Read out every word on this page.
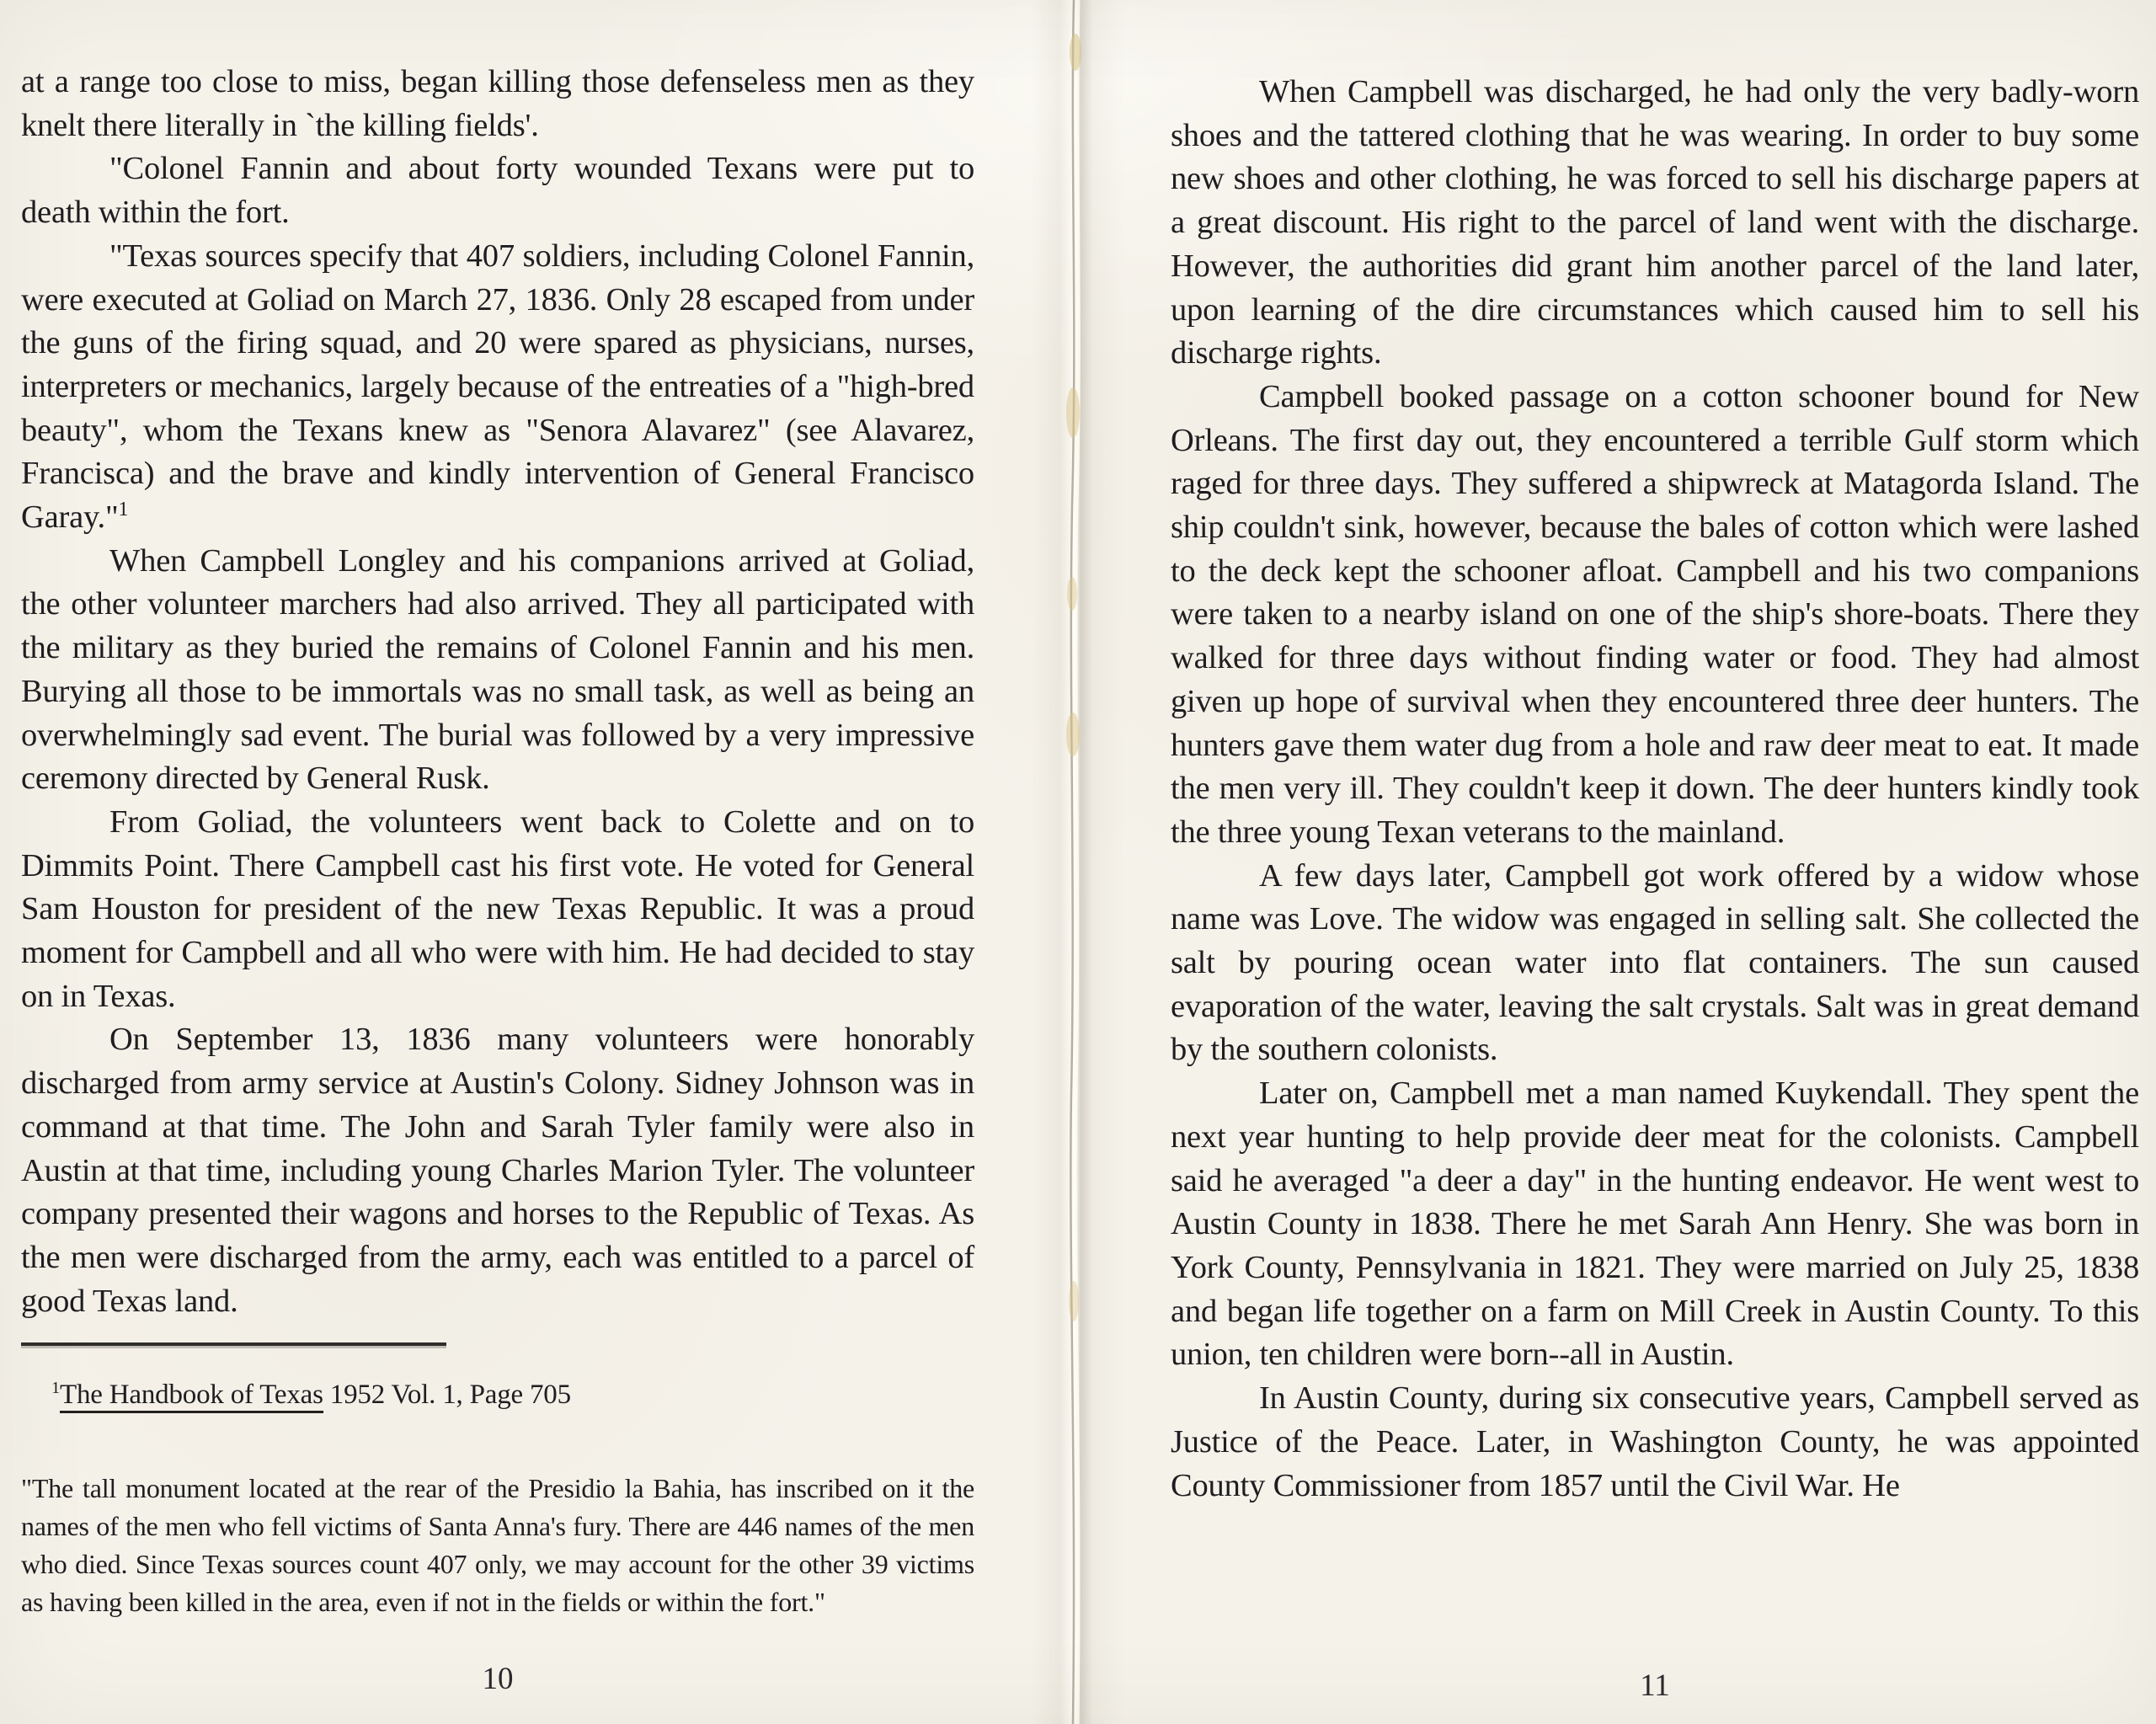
at a range too close to miss, began killing those defenseless men as they knelt there literally in `the killing fields'.

"Colonel Fannin and about forty wounded Texans were put to death within the fort.

"Texas sources specify that 407 soldiers, including Colonel Fannin, were executed at Goliad on March 27, 1836. Only 28 escaped from under the guns of the firing squad, and 20 were spared as physicians, nurses, interpreters or mechanics, largely because of the entreaties of a "high-bred beauty", whom the Texans knew as "Senora Alavarez" (see Alavarez, Francisca) and the brave and kindly intervention of General Francisco Garay."$^1$

When Campbell Longley and his companions arrived at Goliad, the other volunteer marchers had also arrived. They all participated with the military as they buried the remains of Colonel Fannin and his men. Burying all those to be immortals was no small task, as well as being an overwhelmingly sad event. The burial was followed by a very impressive ceremony directed by General Rusk.

From Goliad, the volunteers went back to Colette and on to Dimmits Point. There Campbell cast his first vote. He voted for General Sam Houston for president of the new Texas Republic. It was a proud moment for Campbell and all who were with him. He had decided to stay on in Texas.

On September 13, 1836 many volunteers were honorably discharged from army service at Austin's Colony. Sidney Johnson was in command at that time. The John and Sarah Tyler family were also in Austin at that time, including young Charles Marion Tyler. The volunteer company presented their wagons and horses to the Republic of Texas. As the men were discharged from the army, each was entitled to a parcel of good Texas land.

$^1$The Handbook of Texas 1952 Vol. 1, Page 705
"The tall monument located at the rear of the Presidio la Bahia, has inscribed on it the names of the men who fell victims of Santa Anna's fury. There are 446 names of the men who died. Since Texas sources count 407 only, we may account for the other 39 victims as having been killed in the area, even if not in the fields or within the fort."
10

When Campbell was discharged, he had only the very badly-worn shoes and the tattered clothing that he was wearing. In order to buy some new shoes and other clothing, he was forced to sell his discharge papers at a great discount. His right to the parcel of land went with the discharge. However, the authorities did grant him another parcel of the land later, upon learning of the dire circumstances which caused him to sell his discharge rights.

Campbell booked passage on a cotton schooner bound for New Orleans. The first day out, they encountered a terrible Gulf storm which raged for three days. They suffered a shipwreck at Matagorda Island. The ship couldn't sink, however, because the bales of cotton which were lashed to the deck kept the schooner afloat. Campbell and his two companions were taken to a nearby island on one of the ship's shore-boats. There they walked for three days without finding water or food. They had almost given up hope of survival when they encountered three deer hunters. The hunters gave them water dug from a hole and raw deer meat to eat. It made the men very ill. They couldn't keep it down. The deer hunters kindly took the three young Texan veterans to the mainland.

A few days later, Campbell got work offered by a widow whose name was Love. The widow was engaged in selling salt. She collected the salt by pouring ocean water into flat containers. The sun caused evaporation of the water, leaving the salt crystals. Salt was in great demand by the southern colonists.

Later on, Campbell met a man named Kuykendall. They spent the next year hunting to help provide deer meat for the colonists. Campbell said he averaged "a deer a day" in the hunting endeavor. He went west to Austin County in 1838. There he met Sarah Ann Henry. She was born in York County, Pennsylvania in 1821. They were married on July 25, 1838 and began life together on a farm on Mill Creek in Austin County. To this union, ten children were born--all in Austin.

In Austin County, during six consecutive years, Campbell served as Justice of the Peace. Later, in Washington County, he was appointed County Commissioner from 1857 until the Civil War. He

11
